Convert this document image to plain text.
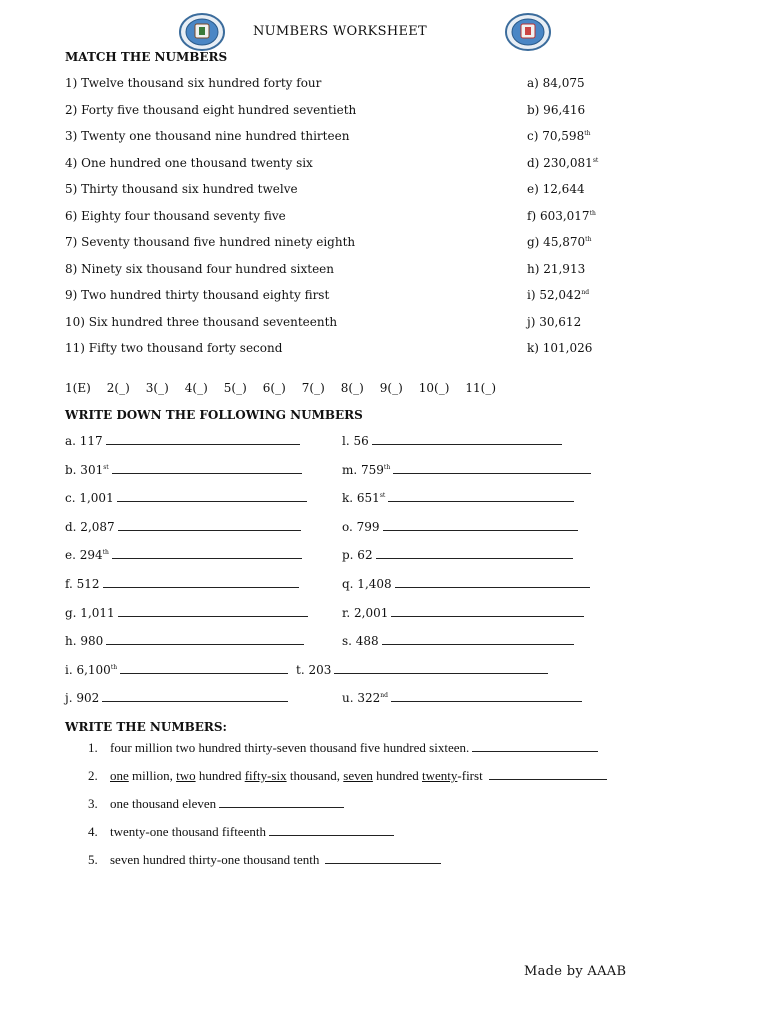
NUMBERS WORKSHEET
MATCH THE NUMBERS
1) Twelve thousand six hundred forty four	a) 84,075
2) Forty five thousand eight hundred seventieth	b) 96,416
3) Twenty one thousand nine hundred thirteen	c) 70,598th
4) One hundred one thousand twenty six	d) 230,081st
5) Thirty thousand six hundred twelve	e) 12,644
6) Eighty four thousand seventy five	f) 603,017th
7) Seventy thousand five hundred ninety eighth	g) 45,870th
8) Ninety six thousand four hundred sixteen	h) 21,913
9) Two hundred thirty thousand eighty first	i) 52,042nd
10) Six hundred three thousand seventeenth	j) 30,612
11) Fifty two thousand forty second	k) 101,026
1(E) 2(_) 3(_) 4(_) 5(_) 6(_) 7(_) 8(_) 9(_) 10(_) 11(_)
WRITE DOWN THE FOLLOWING NUMBERS
a. 117	l. 56
b. 301st	m. 759th
c. 1,001	k. 651st
d. 2,087	o. 799
e. 294th	p. 62
f. 512	q. 1,408
g. 1,011	r. 2,001
h. 980	s. 488
i. 6,100th	t. 203
j. 902	u. 322nd
WRITE THE NUMBERS:
1. four million two hundred thirty-seven thousand five hundred sixteen.
2. one million, two hundred fifty-six thousand, seven hundred twenty-first
3. one thousand eleven
4. twenty-one thousand fifteenth
5. seven hundred thirty-one thousand tenth
Made by AAAB
